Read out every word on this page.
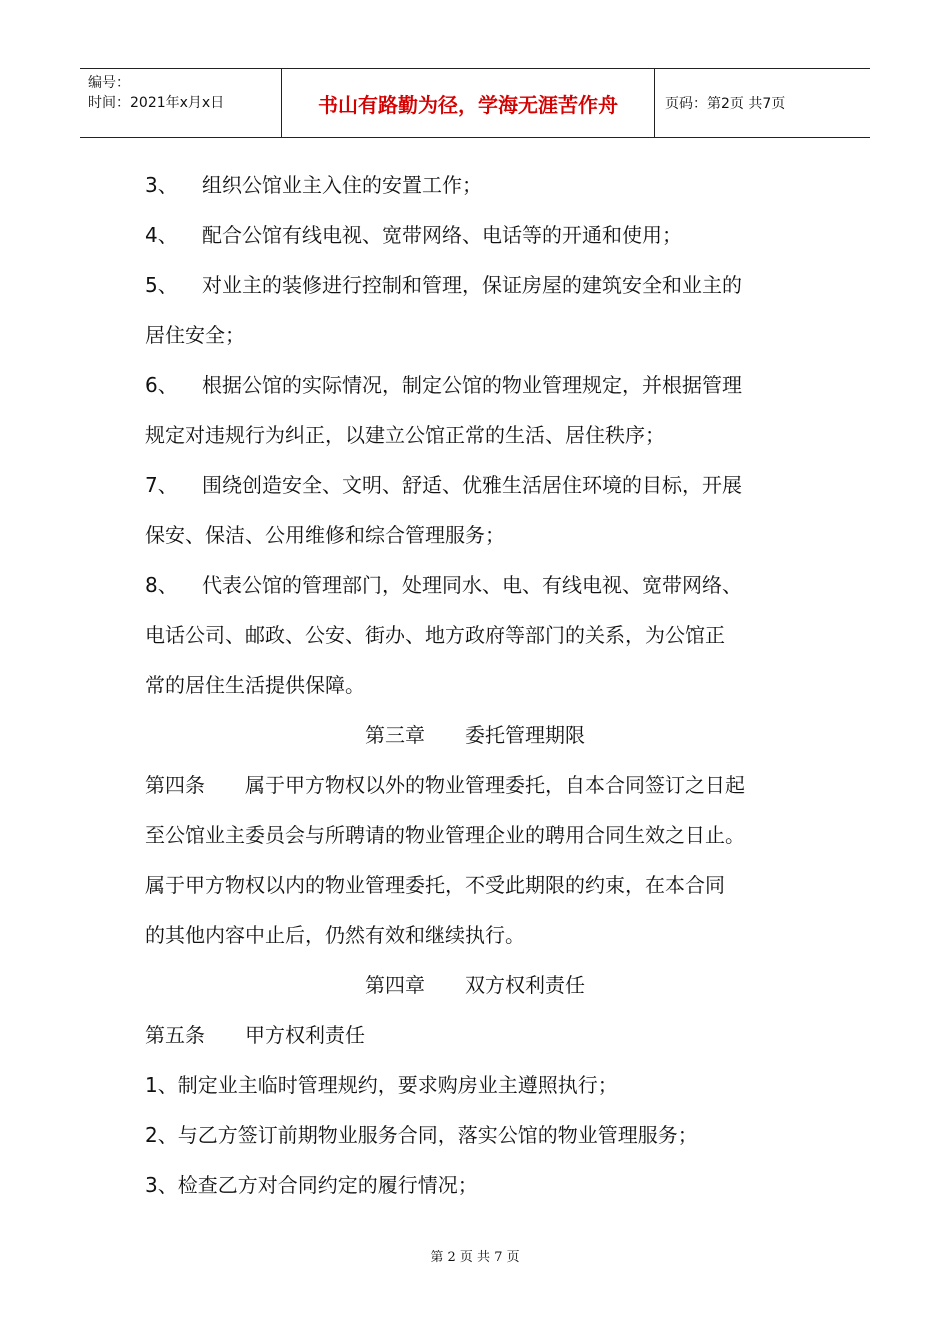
编号：
时间：2021年x月x日	书山有路勤为径，学海无涯苦作舟	页码：第2页 共7页
3、 组织公馆业主入住的安置工作；
4、 配合公馆有线电视、宽带网络、电话等的开通和使用；
5、 对业主的装修进行控制和管理，保证房屋的建筑安全和业主的
居住安全；
6、 根据公馆的实际情况，制定公馆的物业管理规定，并根据管理
规定对违规行为纠正，以建立公馆正常的生活、居住秩序；
7、 围绕创造安全、文明、舒适、优雅生活居住环境的目标，开展
保安、保洁、公用维修和综合管理服务；
8、 代表公馆的管理部门，处理同水、电、有线电视、宽带网络、
电话公司、邮政、公安、街办、地方政府等部门的关系，为公馆正
常的居住生活提供保障。
第三章 委托管理期限
第四条 属于甲方物权以外的物业管理委托，自本合同签订之日起
至公馆业主委员会与所聘请的物业管理企业的聘用合同生效之日止。
属于甲方物权以内的物业管理委托，不受此期限的约束，在本合同
的其他内容中止后，仍然有效和继续执行。
第四章 双方权利责任
第五条 甲方权利责任
1、制定业主临时管理规约，要求购房业主遵照执行；
2、与乙方签订前期物业服务合同，落实公馆的物业管理服务；
3、检查乙方对合同约定的履行情况；
第 2 页 共 7 页
